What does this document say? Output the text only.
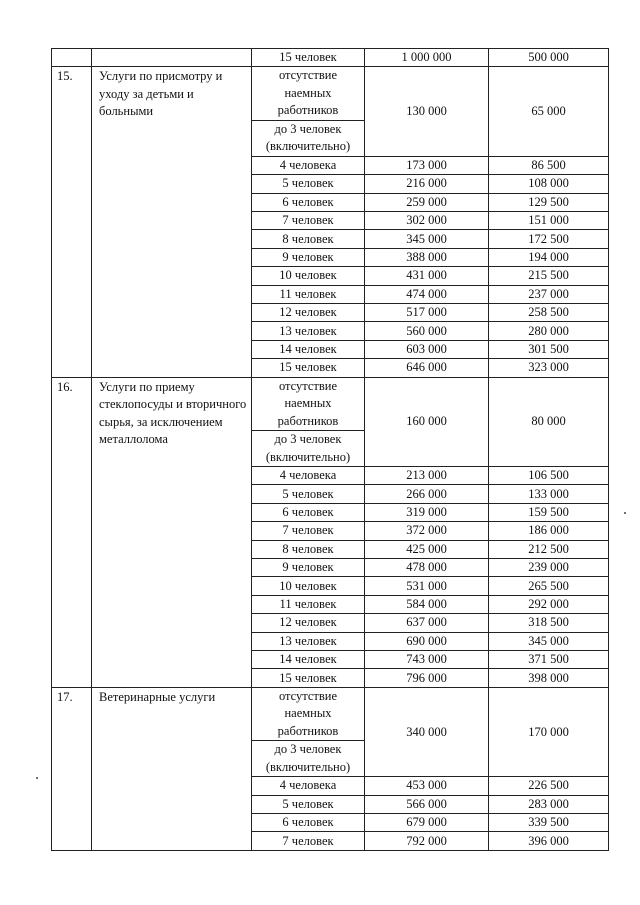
		15 человек	1 000 000	500 000
15.	Услуги по присмотру и уходу за детьми и больными	отсутствие наемных работников	130 000	65 000
		до 3 человек (включительно)		
		4 человека	173 000	86 500
		5 человек	216 000	108 000
		6 человек	259 000	129 500
		7 человек	302 000	151 000
		8 человек	345 000	172 500
		9 человек	388 000	194 000
		10 человек	431 000	215 500
		11 человек	474 000	237 000
		12 человек	517 000	258 500
		13 человек	560 000	280 000
		14 человек	603 000	301 500
		15 человек	646 000	323 000
16.	Услуги по приему стеклопосуды и вторичного сырья, за исключением металлолома	отсутствие наемных работников	160 000	80 000
		до 3 человек (включительно)		
		4 человека	213 000	106 500
		5 человек	266 000	133 000
		6 человек	319 000	159 500
		7 человек	372 000	186 000
		8 человек	425 000	212 500
		9 человек	478 000	239 000
		10 человек	531 000	265 500
		11 человек	584 000	292 000
		12 человек	637 000	318 500
		13 человек	690 000	345 000
		14 человек	743 000	371 500
		15 человек	796 000	398 000
17.	Ветеринарные услуги	отсутствие наемных работников	340 000	170 000
		до 3 человек (включительно)		
		4 человека	453 000	226 500
		5 человек	566 000	283 000
		6 человек	679 000	339 500
		7 человек	792 000	396 000
